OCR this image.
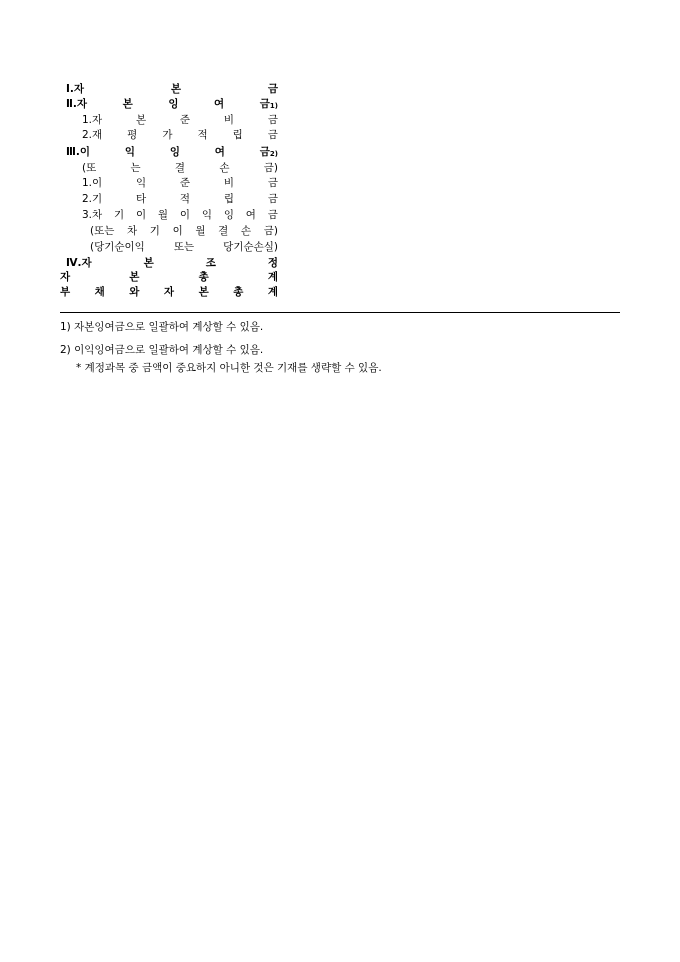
Ⅰ.자	본	금
Ⅱ.자	본	잉	여	금$^{1)}$
1.자	본	준	비	금
2.재 평 가 적 립 금
Ⅲ.이	익	잉	여	금$^{2)}$
(또	는	결	손	금)
1.이	익	준	비	금
2.기	타	적	립	금
3.차 기 이 월 이 익 잉 여 금
(또는 차 기 이 월 결 손 금)
(당기순이익	또는	당기순손실)
Ⅳ.자	본	조	정
자	본	총	계
부 채 와 자 본 총 계
1) 자본잉여금으로 일괄하여 계상할 수 있음.
2) 이익잉여금으로 일괄하여 계상할 수 있음.
* 계정과목 중 금액이 중요하지 아니한 것은 기재를 생략할 수 있음.
